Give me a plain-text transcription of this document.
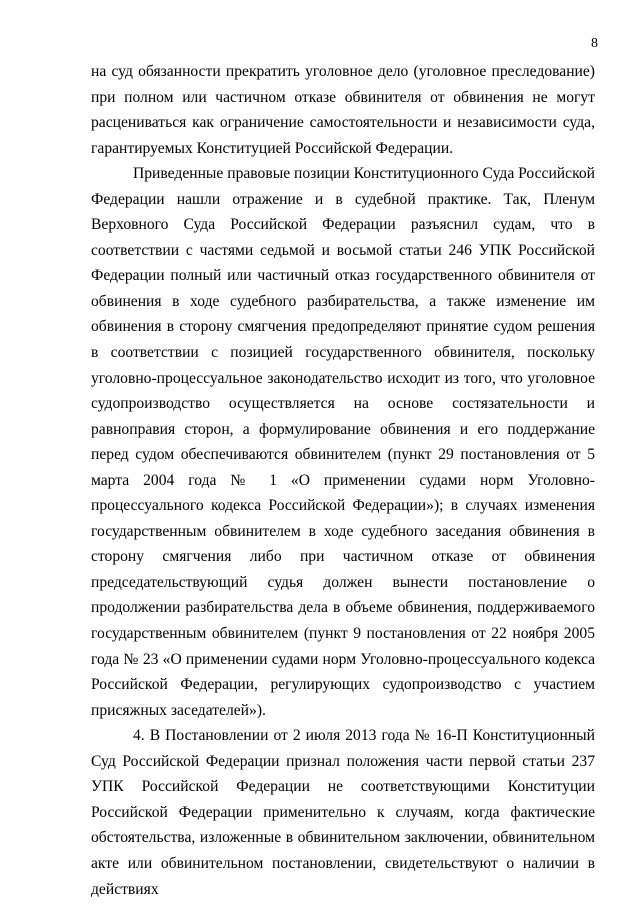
8

на суд обязанности прекратить уголовное дело (уголовное преследование) при полном или частичном отказе обвинителя от обвинения не могут расцениваться как ограничение самостоятельности и независимости суда, гарантируемых Конституцией Российской Федерации.

Приведенные правовые позиции Конституционного Суда Российской Федерации нашли отражение и в судебной практике. Так, Пленум Верховного Суда Российской Федерации разъяснил судам, что в соответствии с частями седьмой и восьмой статьи 246 УПК Российской Федерации полный или частичный отказ государственного обвинителя от обвинения в ходе судебного разбирательства, а также изменение им обвинения в сторону смягчения предопределяют принятие судом решения в соответствии с позицией государственного обвинителя, поскольку уголовно-процессуальное законодательство исходит из того, что уголовное судопроизводство осуществляется на основе состязательности и равноправия сторон, а формулирование обвинения и его поддержание перед судом обеспечиваются обвинителем (пункт 29 постановления от 5 марта 2004 года № 1 «О применении судами норм Уголовно-процессуального кодекса Российской Федерации»); в случаях изменения государственным обвинителем в ходе судебного заседания обвинения в сторону смягчения либо при частичном отказе от обвинения председательствующий судья должен вынести постановление о продолжении разбирательства дела в объеме обвинения, поддерживаемого государственным обвинителем (пункт 9 постановления от 22 ноября 2005 года № 23 «О применении судами норм Уголовно-процессуального кодекса Российской Федерации, регулирующих судопроизводство с участием присяжных заседателей»).

4. В Постановлении от 2 июля 2013 года № 16-П Конституционный Суд Российской Федерации признал положения части первой статьи 237 УПК Российской Федерации не соответствующими Конституции Российской Федерации применительно к случаям, когда фактические обстоятельства, изложенные в обвинительном заключении, обвинительном акте или обвинительном постановлении, свидетельствуют о наличии в действиях
